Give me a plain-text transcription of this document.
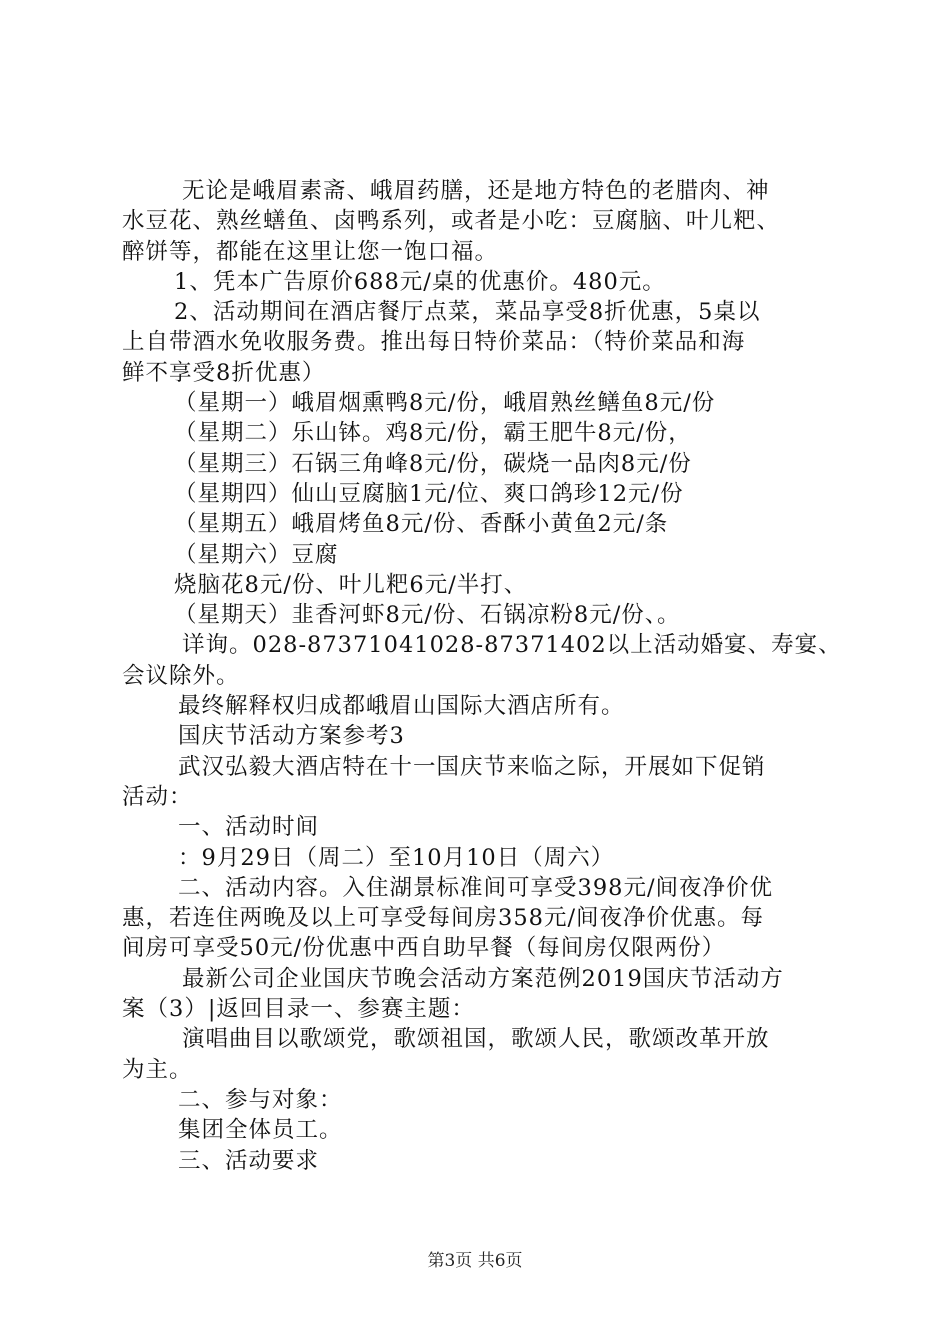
无论是峨眉素斋、峨眉药膳，还是地方特色的老腊肉、神
水豆花、熟丝蟮鱼、卤鸭系列，或者是小吃：豆腐脑、叶儿粑、
醉饼等，都能在这里让您一饱口福。
1、凭本广告原价688元/桌的优惠价。480元。
2、活动期间在酒店餐厅点菜，菜品享受8折优惠，5桌以
上自带酒水免收服务费。推出每日特价菜品：（特价菜品和海
鲜不享受8折优惠）
（星期一）峨眉烟熏鸭8元/份，峨眉熟丝鳝鱼8元/份
（星期二）乐山钵。鸡8元/份，霸王肥牛8元/份，
（星期三）石锅三角峰8元/份，碳烧一品肉8元/份
（星期四）仙山豆腐脑1元/位、爽口鸽珍12元/份
（星期五）峨眉烤鱼8元/份、香酥小黄鱼2元/条
（星期六）豆腐
烧脑花8元/份、叶儿粑6元/半打、
（星期天）韭香河虾8元/份、石锅凉粉8元/份、。
详询。028-87371041028-87371402以上活动婚宴、寿宴、
会议除外。
最终解释权归成都峨眉山国际大酒店所有。
国庆节活动方案参考3
武汉弘毅大酒店特在十一国庆节来临之际，开展如下促销
活动：
一、活动时间
：9月29日（周二）至10月10日（周六）
二、活动内容。入住湖景标准间可享受398元/间夜净价优
惠，若连住两晚及以上可享受每间房358元/间夜净价优惠。每
间房可享受50元/份优惠中西自助早餐（每间房仅限两份）
最新公司企业国庆节晚会活动方案范例2019国庆节活动方
案（3）|返回目录一、参赛主题：
演唱曲目以歌颂党，歌颂祖国，歌颂人民，歌颂改革开放
为主。
二、参与对象：
集团全体员工。
三、活动要求
第3页 共6页
